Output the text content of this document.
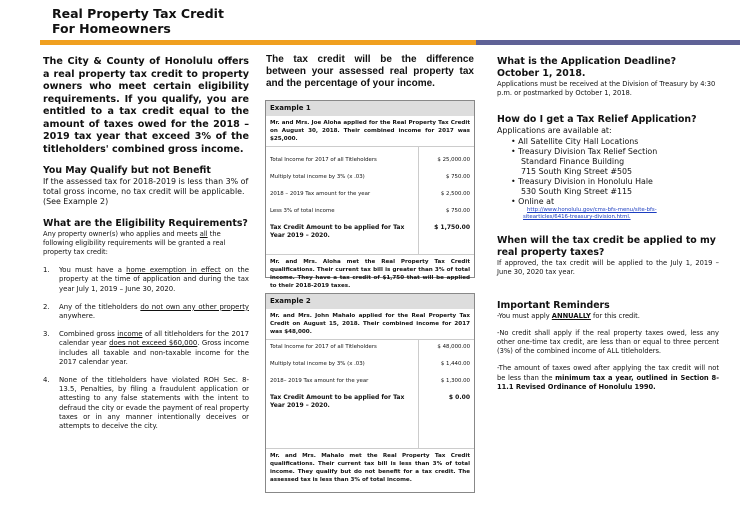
Real Property Tax Credit
For Homeowners
The City & County of Honolulu offers a real property tax credit to property owners who meet certain eligibility requirements. If you qualify, you are entitled to a tax credit equal to the amount of taxes owed for the 2018 – 2019 tax year that exceed 3% of the titleholders' combined gross income.
You May Qualify but not Benefit

If the assessed tax for 2018-2019 is less than 3% of total gross income, no tax credit will be applicable. (See Example 2)

What are the Eligibility Requirements?

Any property owner(s) who applies and meets all the following eligibility requirements will be granted a real property tax credit:

1.	You must have a home exemption in effect on the property at the time of application and during the tax year July 1, 2019 – June 30, 2020.
2.	Any of the titleholders do not own any other property anywhere.
3.	Combined gross income of all titleholders for the 2017 calendar year does not exceed $60,000. Gross income includes all taxable and non-taxable income for the 2017 calendar year.
4.	None of the titleholders have violated ROH Sec. 8-13.5, Penalties, by filing a fraudulent application or attesting to any false statements with the intent to defraud the city or evade the payment of real property taxes or in any manner intentionally deceives or attempts to deceive the city.
The tax credit will be the difference between your assessed real property tax and the percentage of your income.
Example 1
Mr. and Mrs. Joe Aloha applied for the Real Property Tax Credit on August 30, 2018. Their combined income for 2017 was $25,000.
Total Income for 2017 of all Titleholders	$ 25,000.00
Multiply total income by 3% (x .03)	$ 750.00
2018 – 2019 Tax amount for the year	$ 2,500.00
Less 3% of total income	$ 750.00
Tax Credit Amount to be applied for Tax Year 2019 – 2020.	$ 1,750.00
Mr. and Mrs. Aloha met the Real Property Tax Credit qualifications. Their current tax bill is greater than 3% of total income. They have a tax credit of $1,750 that will be applied to their 2018-2019 taxes.
Example 2
Mr. and Mrs. John Mahalo applied for the Real Property Tax Credit on August 15, 2018. Their combined income for 2017 was $48,000.
Total Income for 2017 of all Titleholders	$ 48,000.00
Multiply total income by 3% (x .03)	$ 1,440.00
2018– 2019 Tax amount for the year	$ 1,300.00
Tax Credit Amount to be applied for Tax Year 2019 – 2020.	$ 0.00
Mr. and Mrs. Mahalo met the Real Property Tax Credit qualifications. Their current tax bill is less than 3% of total income. They qualify but do not benefit for a tax credit. The assessed tax is less than 3% of total income.
What is the Application Deadline?
October 1, 2018.

Applications must be received at the Division of Treasury by 4:30 p.m. or postmarked by October 1, 2018.

How do I get a Tax Relief Application?

Applications are available at:

• All Satellite City Hall Locations
• Treasury Division Tax Relief Section

Standard Finance Building

715 South King Street #505

• Treasury Division in Honolulu Hale

530 South King Street #115

• Online at
http://www.honolulu.gov/cms-bfs-menu/site-bfs-
sitearticles/6416-treasury-division.html.
When will the tax credit be applied to my real property taxes?

If approved, the tax credit will be applied to the July 1, 2019 – June 30, 2020 tax year.

Important Reminders

-You must apply ANNUALLY for this credit.

-No credit shall apply if the real property taxes owed, less any other one-time tax credit, are less than or equal to three percent (3%) of the combined income of ALL titleholders.

-The amount of taxes owed after applying the tax credit will not be less than the minimum tax a year, outlined in Section 8-11.1 Revised Ordinance of Honolulu 1990.
